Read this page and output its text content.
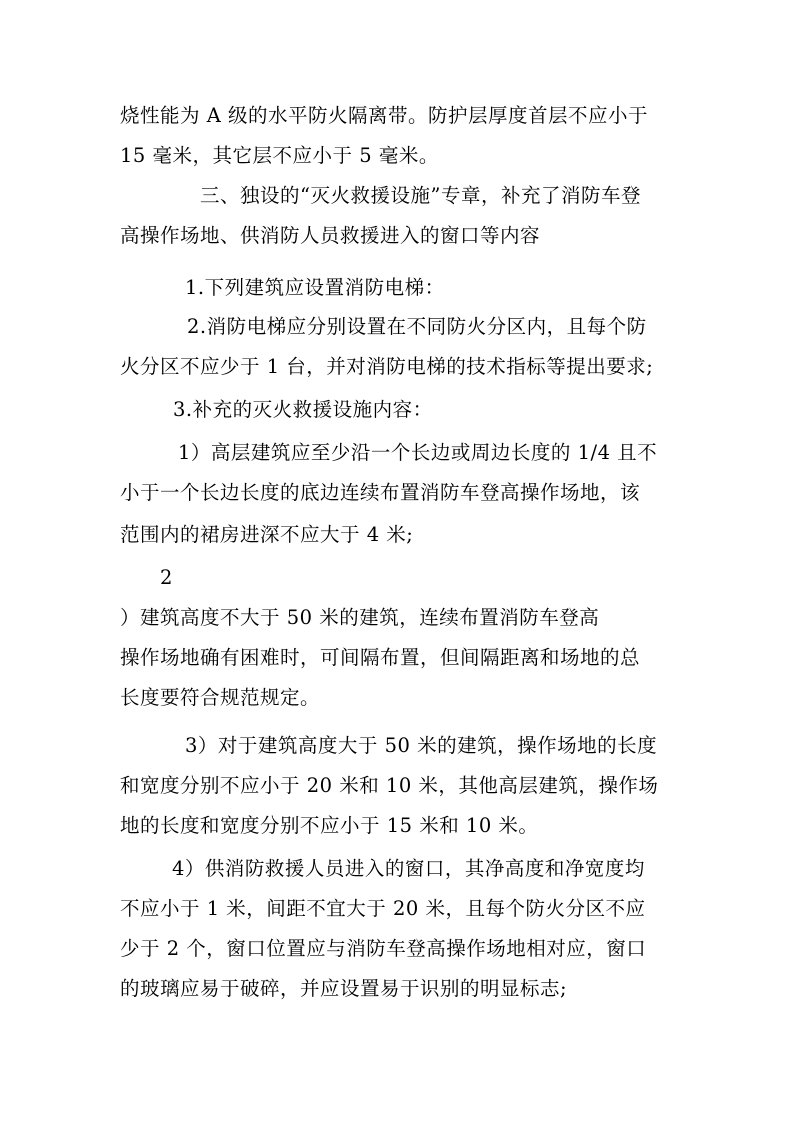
烧性能为 A 级的水平防火隔离带。防护层厚度首层不应小于
15 毫米，其它层不应小于 5 毫米。
三、独设的“灭火救援设施”专章，补充了消防车登
高操作场地、供消防人员救援进入的窗口等内容
1.下列建筑应设置消防电梯：
2.消防电梯应分别设置在不同防火分区内，且每个防
火分区不应少于 1 台，并对消防电梯的技术指标等提出要求;
3.补充的灭火救援设施内容：
1）高层建筑应至少沿一个长边或周边长度的 1/4 且不
小于一个长边长度的底边连续布置消防车登高操作场地，该
范围内的裙房进深不应大于 4 米;
2
）建筑高度不大于 50 米的建筑，连续布置消防车登高
操作场地确有困难时，可间隔布置，但间隔距离和场地的总
长度要符合规范规定。
3）对于建筑高度大于 50 米的建筑，操作场地的长度
和宽度分别不应小于 20 米和 10 米，其他高层建筑，操作场
地的长度和宽度分别不应小于 15 米和 10 米。
4）供消防救援人员进入的窗口，其净高度和净宽度均
不应小于 1 米，间距不宜大于 20 米，且每个防火分区不应
少于 2 个，窗口位置应与消防车登高操作场地相对应，窗口
的玻璃应易于破碎，并应设置易于识别的明显标志;
